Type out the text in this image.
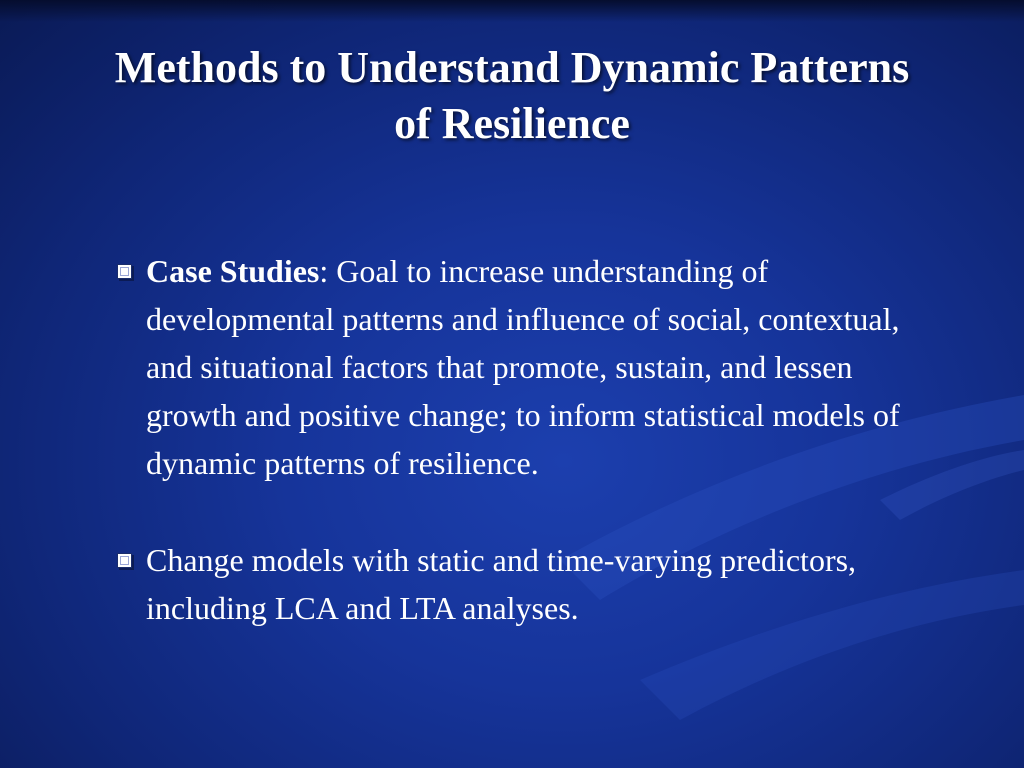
Methods to Understand Dynamic Patterns of Resilience
Case Studies: Goal to increase understanding of developmental patterns and influence of social, contextual, and situational factors that promote, sustain, and lessen growth and positive change; to inform statistical models of dynamic patterns of resilience.
Change models with static and time-varying predictors, including LCA and LTA analyses.
